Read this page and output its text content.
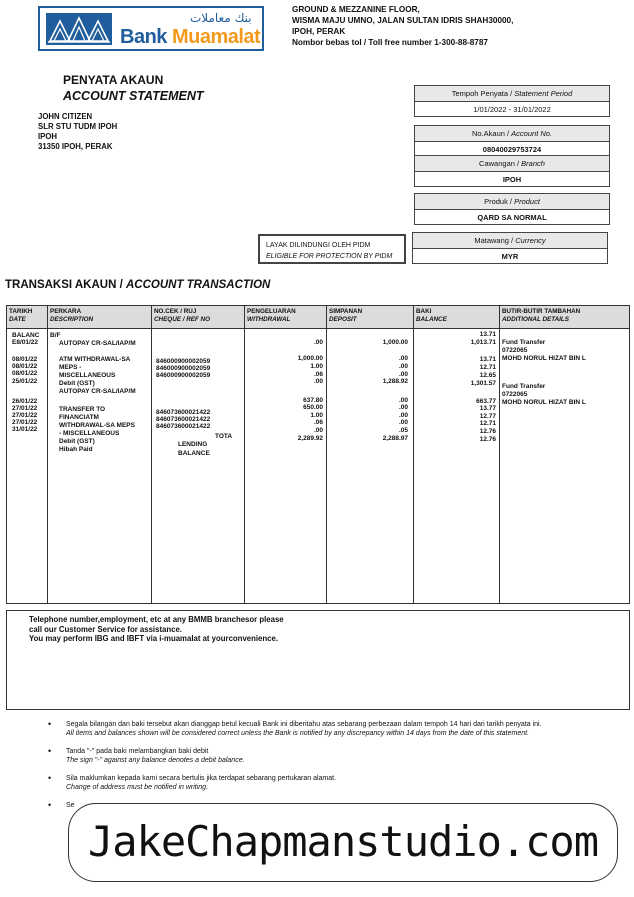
بنك معاملات
Bank Muamalat
GROUND & MEZZANINE FLOOR,
WISMA MAJU UMNO, JALAN SULTAN IDRIS SHAH30000,
IPOH, PERAK
Nombor bebas tol / Toll free number 1-300-88-8787
PENYATA AKAUN
ACCOUNT STATEMENT
JOHN CITIZEN
SLR STU TUDM IPOH
IPOH
31350 IPOH, PERAK
Tempoh Penyata / Statement Period
1/01/2022 - 31/01/2022
No.Akaun / Account No.
08040029753724
Cawangan / Branch
IPOH
Produk / Product
QARD SA NORMAL
Matawang / Currency
MYR
LAYAK DILINDUNGI OLEH PIDM
ELIGIBLE FOR PROTECTION BY PIDM
TRANSAKSI AKAUN / ACCOUNT TRANSACTION
TARIKH
DATE
PERKARA
DESCRIPTION
NO.CEK / RUJ
CHEQUE / REF NO
PENGELUARAN
WITHDRAWAL
SIMPANAN
DEPOSIT
BAKI
BALANCE
BUTIR-BUTIR TAMBAHAN
ADDITIONAL DETAILS
BALANC
E8/01/22
08/01/22
08/01/22
08/01/22
25/01/22
26/01/22
27/01/22
27/01/22
27/01/22
31/01/22
B/F
AUTOPAY CR-SAL/IAP/M
ATM WITHDRAWAL-SA
MEPS -
MISCELLANEOUS
Debit (GST)
AUTOPAY CR-SAL/IAP/M
TRANSFER TO
FINANCIATM
WITHDRAWAL-SA MEPS
- MISCELLANEOUS
Debit (GST)
Hibah Paid
846000900002059
846000900002059
846000900002059
846073600021422
846073600021422
846073600021422
TOTA
LENDING
BALANCE
.00
1,000.00
1.00
.06
.00
637.80
650.00
1.00
.06
.00
2,289.92
1,000.00
.00
.00
.00
1,288.92
.00
.00
.00
.00
.05
2,288.97
13.71
1,013.71
13.71
12.71
12.65
1,301.57
663.77
13.77
12.77
12.71
12.76
12.76
Fund Transfer
0722065
MOHD NORUL HIZAT BIN L
Fund Transfer
0722065
MOHD NORUL HIZAT BIN L
Telephone number,employment, etc at any BMMB branchesor please
call our Customer Service for assistance.
You may perform IBG and IBFT via i-muamalat at yourconvenience.
• Segala bilangan dan baki tersebut akan dianggap betul kecuali Bank ini diberitahu atas sebarang perbezaan dalam tempoh 14 hari dari tarikh penyata ini.
All items and balances shown will be considered correct unless the Bank is notified by any discrepancy within 14 days from the date of this statement.
• Tanda "-" pada baki melambangkan baki debit
The sign "-" against any balance denotes a debit balance.
• Sila maklumkan kepada kami secara bertulis jika terdapat sebarang pertukaran alamat.
Change of address must be notified in writing.
• Se
JakeChapmanstudio.com
